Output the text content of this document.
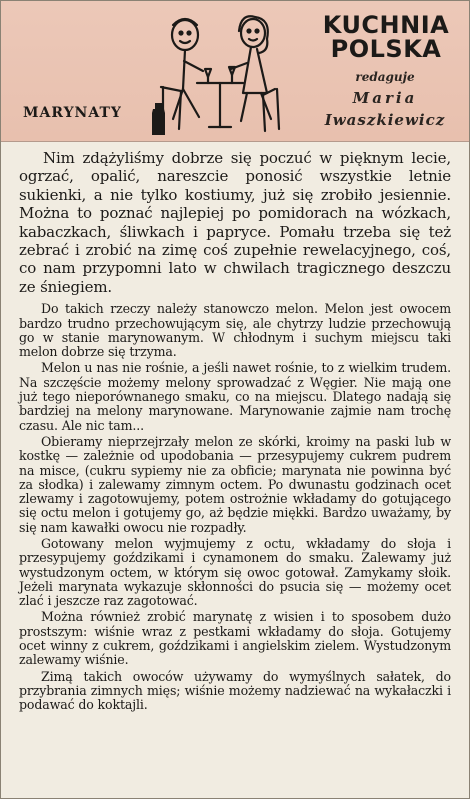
MARYNATY
KUCHNIA
POLSKA
redaguje
Maria
Iwaszkiewicz

Nim zdążyliśmy dobrze się poczuć w pięknym lecie, ogrzać, opalić, nareszcie ponosić wszystkie letnie sukienki, a nie tylko kostiumy, już się zrobiło jesiennie. Można to poznać najlepiej po pomidorach na wózkach, kabaczkach, śliwkach i papryce. Pomału trzeba się też zebrać i zrobić na zimę coś zupełnie rewelacyjnego, coś, co nam przypomni lato w chwilach tragicznego deszczu ze śniegiem.

Do takich rzeczy należy stanowczo melon. Melon jest owocem bardzo trudno przechowującym się, ale chytrzy ludzie przechowują go w stanie marynowanym. W chłodnym i suchym miejscu taki melon dobrze się trzyma.

Melon u nas nie rośnie, a jeśli nawet rośnie, to z wielkim trudem. Na szczęście możemy melony sprowadzać z Węgier. Nie mają one już tego nieporównanego smaku, co na miejscu. Dlatego nadają się bardziej na melony marynowane. Marynowanie zajmie nam trochę czasu. Ale nic tam...

Obieramy nieprzejrzały melon ze skórki, kroimy na paski lub w kostkę — zależnie od upodobania — przesypujemy cukrem pudrem na misce, (cukru sypiemy nie za obficie; marynata nie powinna być za słodka) i zalewamy zimnym octem. Po dwunastu godzinach ocet zlewamy i zagotowujemy, potem ostrożnie wkładamy do gotującego się octu melon i gotujemy go, aż będzie miękki. Bardzo uważamy, by się nam kawałki owocu nie rozpadły.

Gotowany melon wyjmujemy z octu, wkładamy do słoja i przesypujemy goździkami i cynamonem do smaku. Zalewamy już wystudzonym octem, w którym się owoc gotował. Zamykamy słoik. Jeżeli marynata wykazuje skłonności do psucia się — możemy ocet zlać i jeszcze raz zagotować.

Można również zrobić marynatę z wisien i to sposobem dużo prostszym: wiśnie wraz z pestkami wkładamy do słoja. Gotujemy ocet winny z cukrem, goździkami i angielskim zielem. Wystudzonym zalewamy wiśnie.

Zimą takich owoców używamy do wymyślnych sałatek, do przybrania zimnych mięs; wiśnie możemy nadziewać na wykałaczki i podawać do koktajli.
